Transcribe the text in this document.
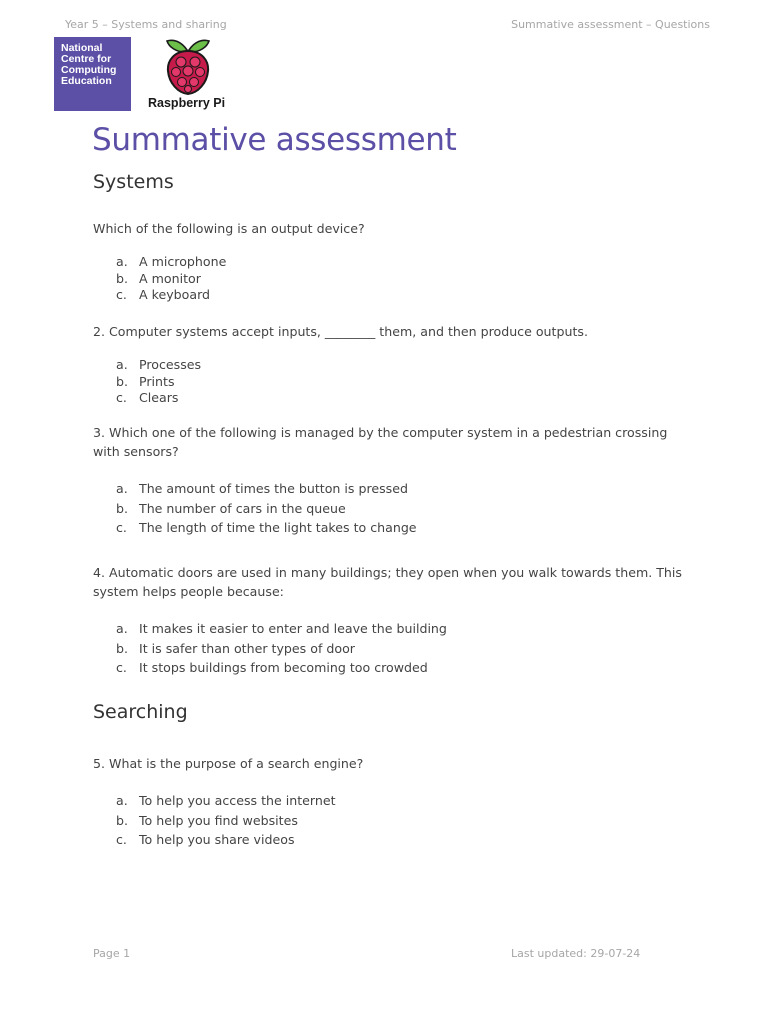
Year 5 – Systems and sharing	Summative assessment – Questions
National
Centre for
Computing
Education
Raspberry Pi
Summative assessment
Systems

Which of the following is an output device?

a. A microphone
b. A monitor
c. A keyboard

2. Computer systems accept inputs, ________ them, and then produce outputs.

a. Processes
b. Prints
c. Clears

3. Which one of the following is managed by the computer system in a pedestrian crossing with sensors?

a. The amount of times the button is pressed
b. The number of cars in the queue
c. The length of time the light takes to change

4. Automatic doors are used in many buildings; they open when you walk towards them. This system helps people because:

a. It makes it easier to enter and leave the building
b. It is safer than other types of door
c. It stops buildings from becoming too crowded
Searching

5. What is the purpose of a search engine?

a. To help you access the internet
b. To help you find websites
c. To help you share videos
Page 1	Last updated: 29-07-24
